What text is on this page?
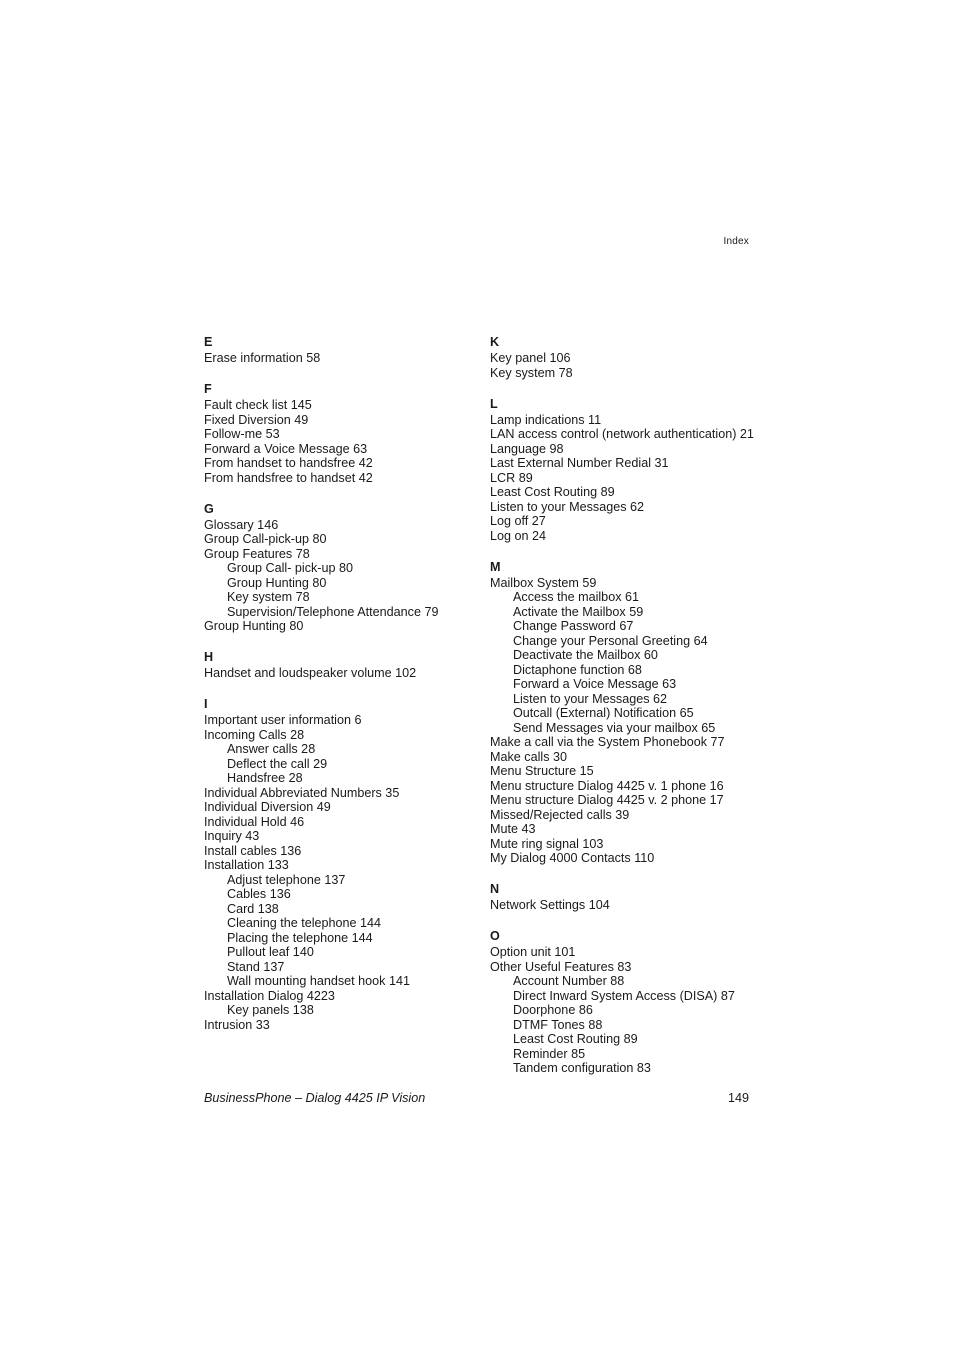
Index
E
Erase information 58
F
Fault check list 145
Fixed Diversion 49
Follow-me 53
Forward a Voice Message 63
From handset to handsfree 42
From handsfree to handset 42
G
Glossary 146
Group Call-pick-up 80
Group Features 78
Group Call- pick-up 80
Group Hunting 80
Key system 78
Supervision/Telephone Attendance 79
Group Hunting 80
H
Handset and loudspeaker volume 102
I
Important user information 6
Incoming Calls 28
Answer calls 28
Deflect the call 29
Handsfree 28
Individual Abbreviated Numbers 35
Individual Diversion 49
Individual Hold 46
Inquiry 43
Install cables 136
Installation 133
Adjust telephone 137
Cables 136
Card 138
Cleaning the telephone 144
Placing the telephone 144
Pullout leaf 140
Stand 137
Wall mounting handset hook 141
Installation Dialog 4223
Key panels 138
Intrusion 33
K
Key panel 106
Key system 78
L
Lamp indications 11
LAN access control (network authentication) 21
Language 98
Last External Number Redial 31
LCR 89
Least Cost Routing 89
Listen to your Messages 62
Log off 27
Log on 24
M
Mailbox System 59
Access the mailbox 61
Activate the Mailbox 59
Change Password 67
Change your Personal Greeting 64
Deactivate the Mailbox 60
Dictaphone function 68
Forward a Voice Message 63
Listen to your Messages 62
Outcall (External) Notification 65
Send Messages via your mailbox 65
Make a call via the System Phonebook 77
Make calls 30
Menu Structure 15
Menu structure Dialog 4425 v. 1 phone 16
Menu structure Dialog 4425 v. 2 phone 17
Missed/Rejected calls 39
Mute 43
Mute ring signal 103
My Dialog 4000 Contacts 110
N
Network Settings 104
O
Option unit 101
Other Useful Features 83
Account Number 88
Direct Inward System Access (DISA) 87
Doorphone 86
DTMF Tones 88
Least Cost Routing 89
Reminder 85
Tandem configuration 83
BusinessPhone – Dialog 4425 IP Vision	149
